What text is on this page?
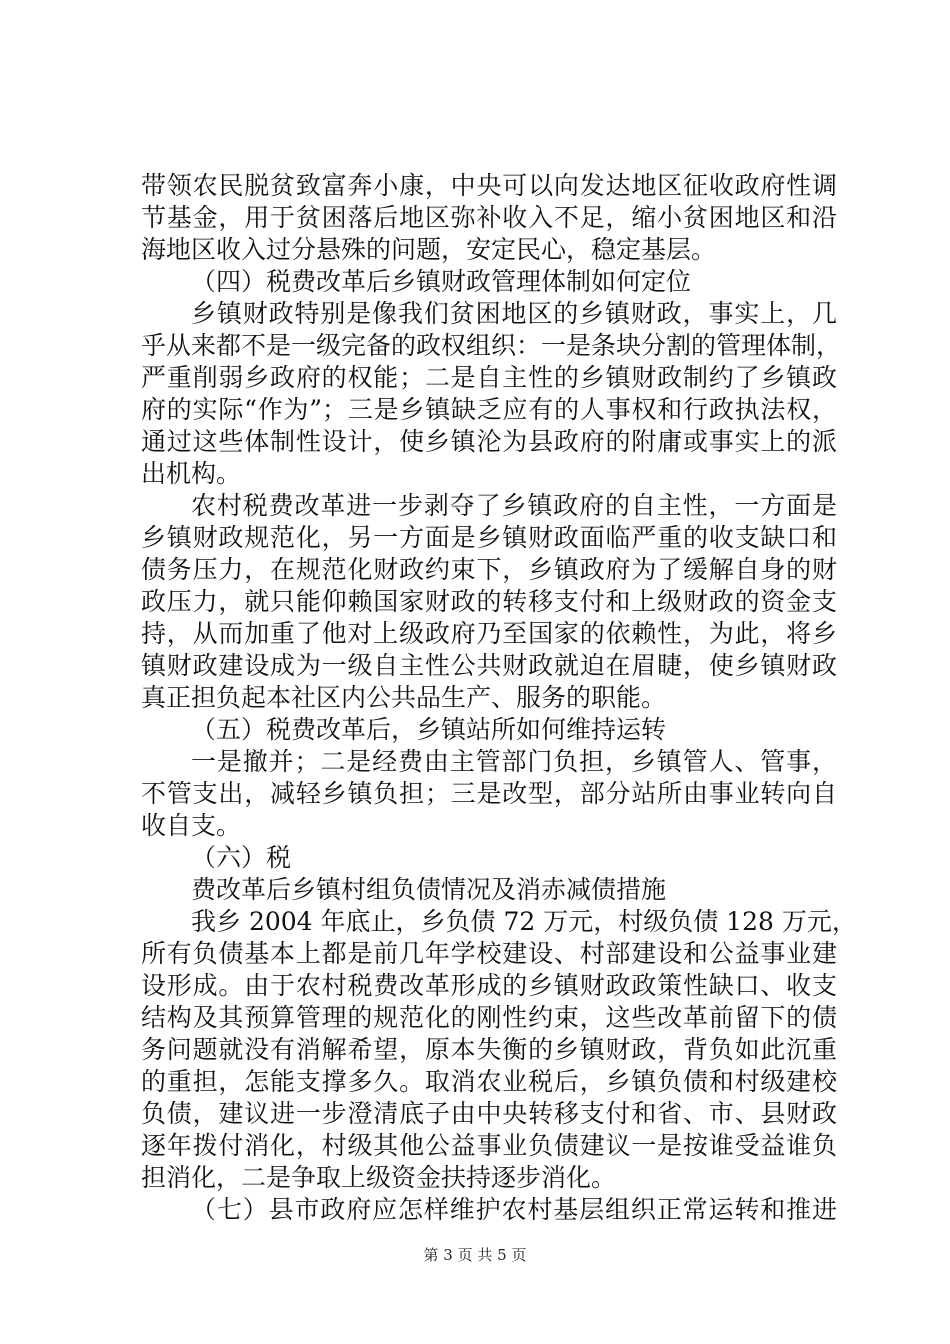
带领农民脱贫致富奔小康，中央可以向发达地区征收政府性调
节基金，用于贫困落后地区弥补收入不足，缩小贫困地区和沿
海地区收入过分悬殊的问题，安定民心，稳定基层。
（四）税费改革后乡镇财政管理体制如何定位
乡镇财政特别是像我们贫困地区的乡镇财政，事实上，几
乎从来都不是一级完备的政权组织：一是条块分割的管理体制，
严重削弱乡政府的权能；二是自主性的乡镇财政制约了乡镇政
府的实际“作为”；三是乡镇缺乏应有的人事权和行政执法权，
通过这些体制性设计，使乡镇沦为县政府的附庸或事实上的派
出机构。
农村税费改革进一步剥夺了乡镇政府的自主性，一方面是
乡镇财政规范化，另一方面是乡镇财政面临严重的收支缺口和
债务压力，在规范化财政约束下，乡镇政府为了缓解自身的财
政压力，就只能仰赖国家财政的转移支付和上级财政的资金支
持，从而加重了他对上级政府乃至国家的依赖性，为此，将乡
镇财政建设成为一级自主性公共财政就迫在眉睫，使乡镇财政
真正担负起本社区内公共品生产、服务的职能。
（五）税费改革后，乡镇站所如何维持运转
一是撤并；二是经费由主管部门负担，乡镇管人、管事，
不管支出，减轻乡镇负担；三是改型，部分站所由事业转向自
收自支。
（六）税
费改革后乡镇村组负债情况及消赤减债措施
我乡 2004 年底止，乡负债 72 万元，村级负债 128 万元，
所有负债基本上都是前几年学校建设、村部建设和公益事业建
设形成。由于农村税费改革形成的乡镇财政政策性缺口、收支
结构及其预算管理的规范化的刚性约束，这些改革前留下的债
务问题就没有消解希望，原本失衡的乡镇财政，背负如此沉重
的重担，怎能支撑多久。取消农业税后，乡镇负债和村级建校
负债，建议进一步澄清底子由中央转移支付和省、市、县财政
逐年拨付消化，村级其他公益事业负债建议一是按谁受益谁负
担消化，二是争取上级资金扶持逐步消化。
（七）县市政府应怎样维护农村基层组织正常运转和推进
第 3 页 共 5 页
